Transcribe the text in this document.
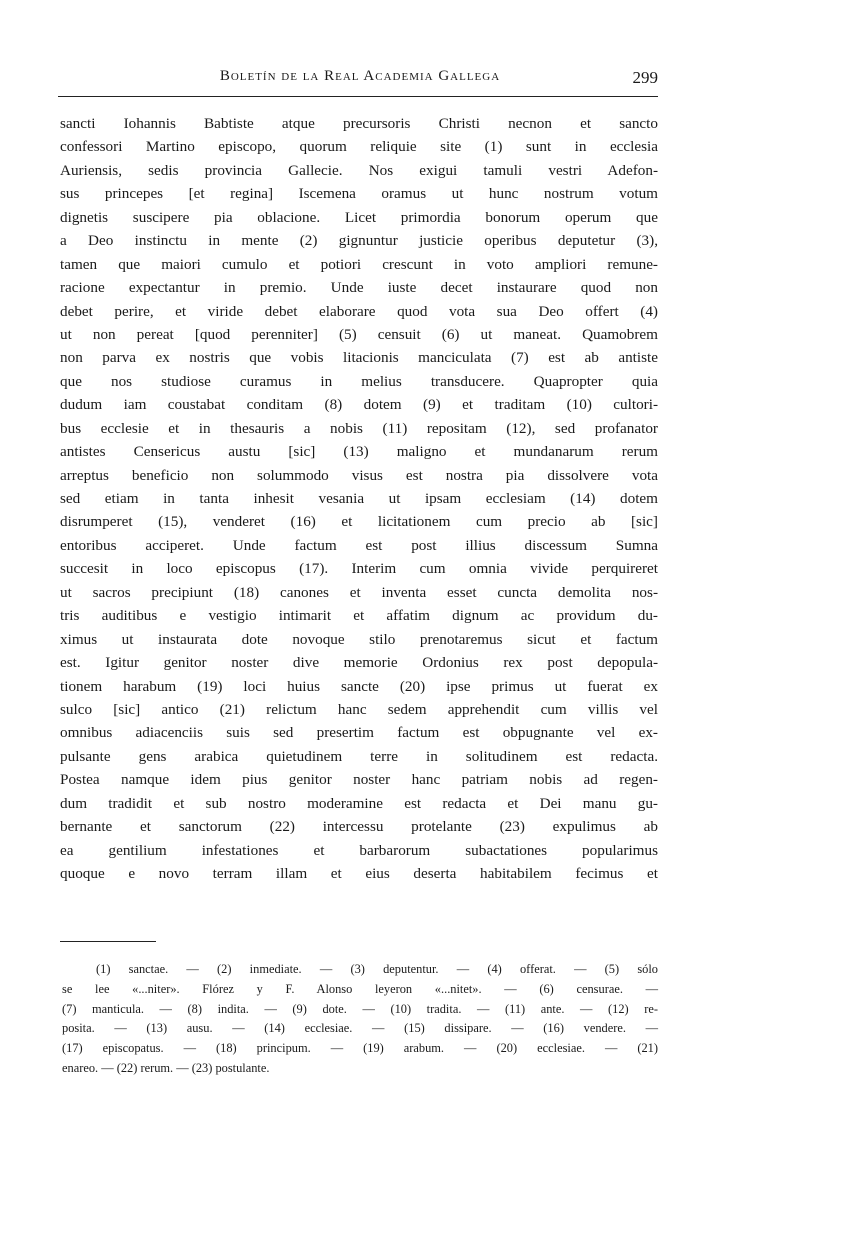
Boletín de la Real Academia Gallega	299
sancti Iohannis Babtiste atque precursoris Christi necnon et sancto
confessori Martino episcopo, quorum reliquie site (1) sunt in ecclesia
Auriensis, sedis provincia Gallecie. Nos exigui tamuli vestri Adefon-
sus princepes [et regina] Iscemena oramus ut hunc nostrum votum
dignetis suscipere pia oblacione. Licet primordia bonorum operum que
a Deo instinctu in mente (2) gignuntur justicie operibus deputetur (3),
tamen que maiori cumulo et potiori crescunt in voto ampliori remune-
racione expectantur in premio. Unde iuste decet instaurare quod non
debet perire, et viride debet elaborare quod vota sua Deo offert (4)
ut non pereat [quod perenniter] (5) censuit (6) ut maneat. Quamobrem
non parva ex nostris que vobis litacionis manciculata (7) est ab antiste
que nos studiose curamus in melius transducere. Quapropter quia
dudum iam coustabat conditam (8) dotem (9) et traditam (10) cultori-
bus ecclesie et in thesauris a nobis (11) repositam (12), sed profanator
antistes Censericus austu [sic] (13) maligno et mundanarum rerum
arreptus beneficio non solummodo visus est nostra pia dissolvere vota
sed etiam in tanta inhesit vesania ut ipsam ecclesiam (14) dotem
disrumperet (15), venderet (16) et licitationem cum precio ab [sic]
entoribus acciperet. Unde factum est post illius discessum Sumna
succesit in loco episcopus (17). Interim cum omnia vivide perquireret
ut sacros precipiunt (18) canones et inventa esset cuncta demolita nos-
tris auditibus e vestigio intimarit et affatim dignum ac providum du-
ximus ut instaurata dote novoque stilo prenotaremus sicut et factum
est. Igitur genitor noster dive memorie Ordonius rex post depopula-
tionem harabum (19) loci huius sancte (20) ipse primus ut fuerat ex
sulco [sic] antico (21) relictum hanc sedem apprehendit cum villis vel
omnibus adiacenciis suis sed presertim factum est obpugnante vel ex-
pulsante gens arabica quietudinem terre in solitudinem est redacta.
Postea namque idem pius genitor noster hanc patriam nobis ad regen-
dum tradidit et sub nostro moderamine est redacta et Dei manu gu-
bernante et sanctorum (22) intercessu protelante (23) expulimus ab
ea gentilium infestationes et barbarorum subactationes popularimus
quoque e novo terram illam et eius deserta habitabilem fecimus et
(1) sanctae. — (2) inmediate. — (3) deputentur. — (4) offerat. — (5) sólo
se lee «...niter». Flórez y F. Alonso leyeron «...nitet». — (6) censurae. —
(7) manticula. — (8) indita. — (9) dote. — (10) tradita. — (11) ante. — (12) re-
posita. — (13) ausu. — (14) ecclesiae. — (15) dissipare. — (16) vendere. —
(17) episcopatus. — (18) principum. — (19) arabum. — (20) ecclesiae. — (21)
enareo. — (22) rerum. — (23) postulante.
